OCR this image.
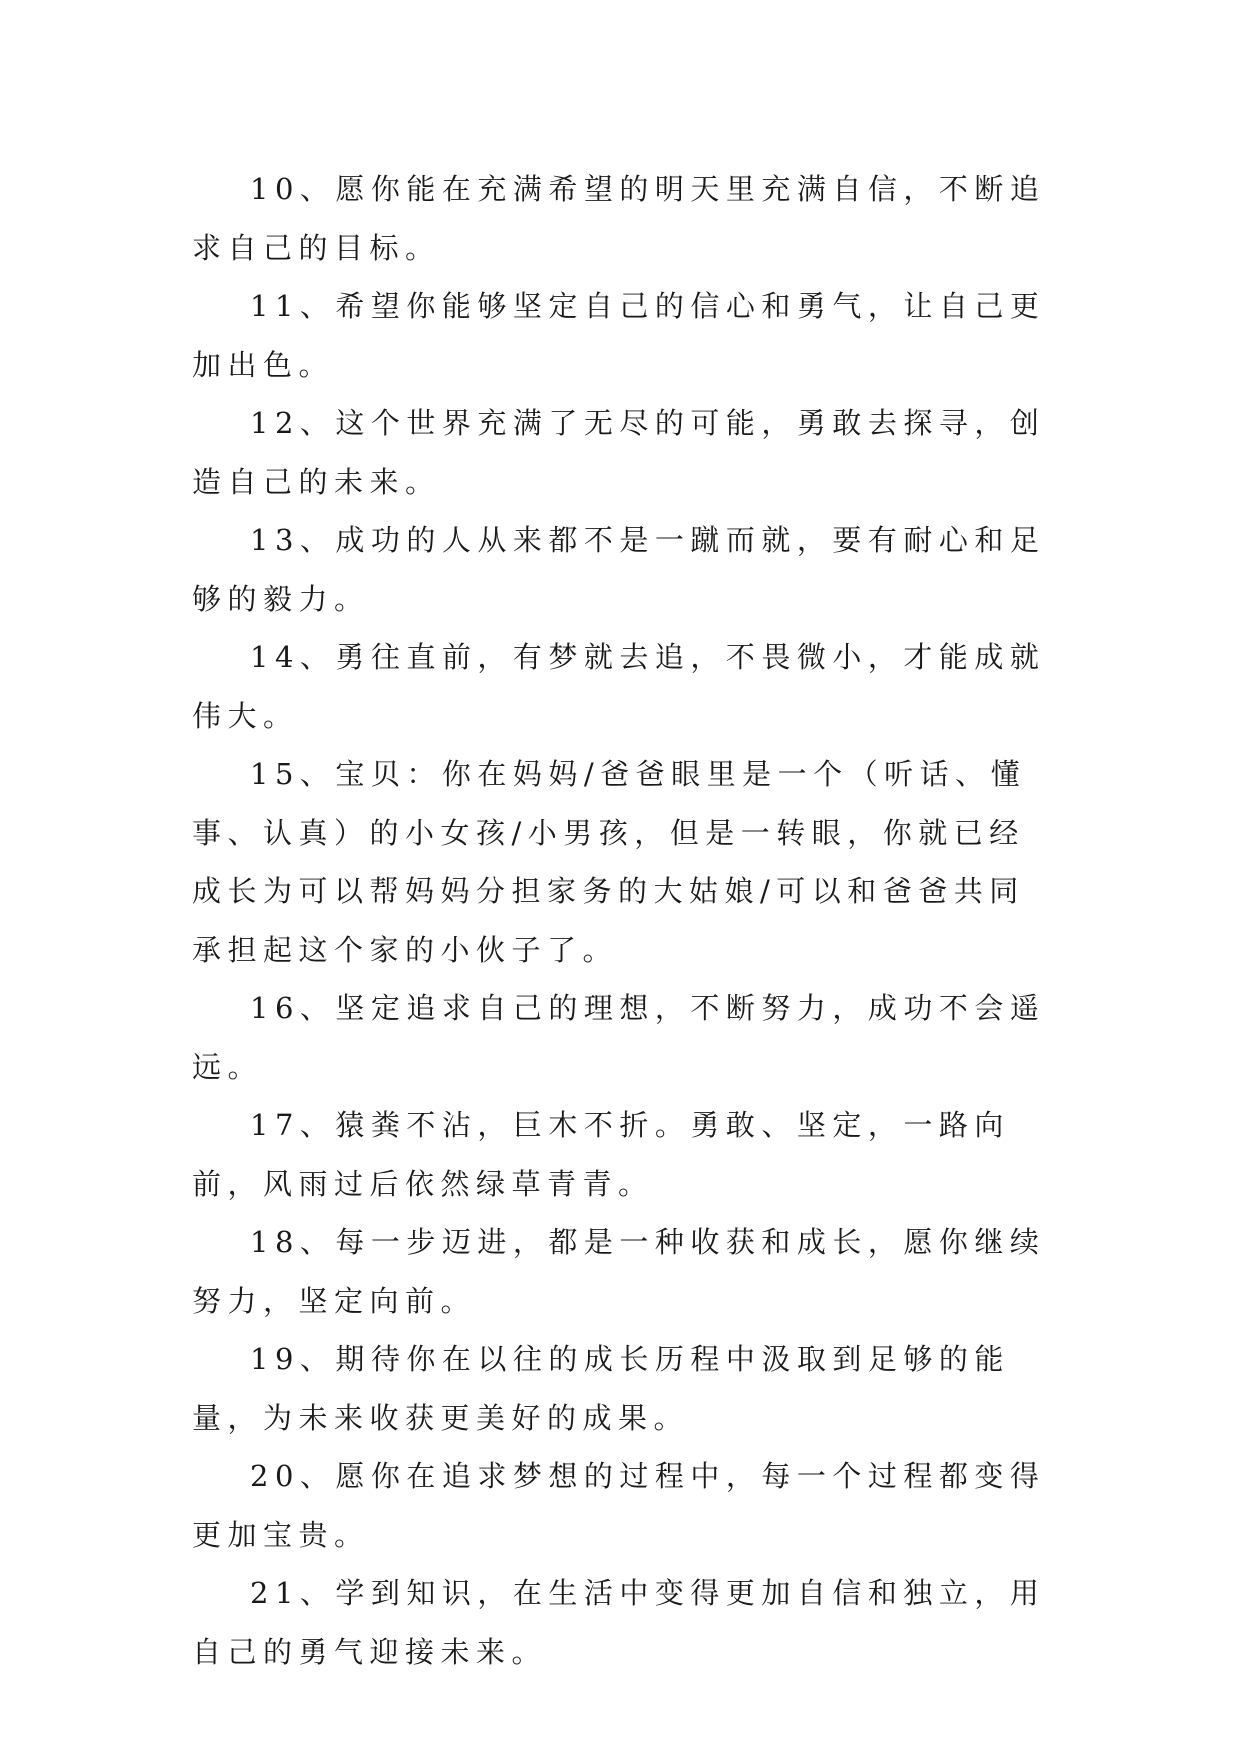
10、愿你能在充满希望的明天里充满自信，不断追求自己的目标。

11、希望你能够坚定自己的信心和勇气，让自己更加出色。

12、这个世界充满了无尽的可能，勇敢去探寻，创造自己的未来。

13、成功的人从来都不是一蹴而就，要有耐心和足够的毅力。

14、勇往直前，有梦就去追，不畏微小，才能成就伟大。

15、宝贝：你在妈妈/爸爸眼里是一个（听话、懂事、认真）的小女孩/小男孩，但是一转眼，你就已经成长为可以帮妈妈分担家务的大姑娘/可以和爸爸共同承担起这个家的小伙子了。

16、坚定追求自己的理想，不断努力，成功不会遥远。

17、猿粪不沾，巨木不折。勇敢、坚定，一路向前，风雨过后依然绿草青青。

18、每一步迈进，都是一种收获和成长，愿你继续努力，坚定向前。

19、期待你在以往的成长历程中汲取到足够的能量，为未来收获更美好的成果。

20、愿你在追求梦想的过程中，每一个过程都变得更加宝贵。

21、学到知识，在生活中变得更加自信和独立，用自己的勇气迎接未来。
